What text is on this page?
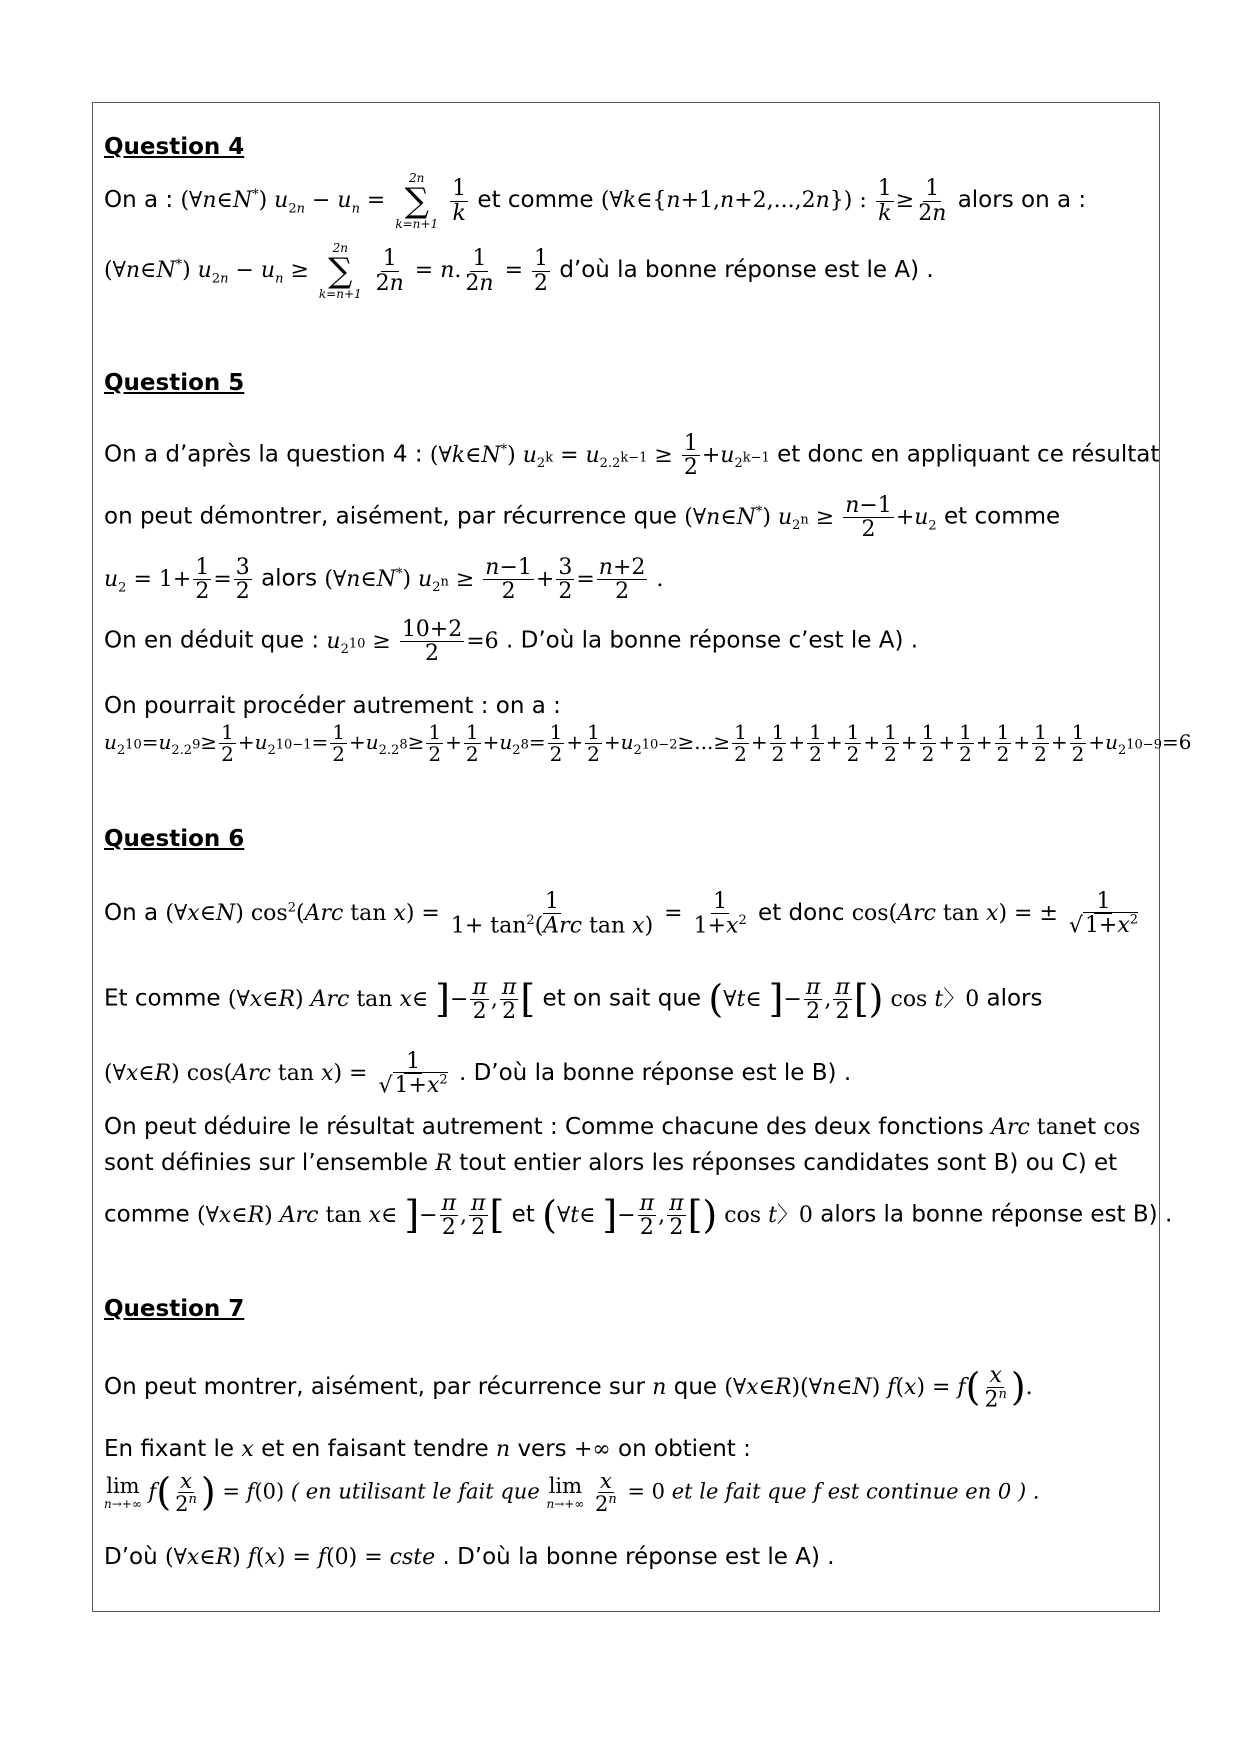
Question 4
On a : (∀n∈N*) $u_{2n} - u_n$ =
2n
∑
k=n+1
$\frac{1}{k}$ et comme (∀k∈{n+1,n+2,...,2n}) : $\frac{1}{k} \ge \frac{1}{2n}$ alors on a :
(∀n∈N*) $u_{2n} - u_n$ ≥
2n
∑
k=n+1
$\frac{1}{2n} = n$. $\frac{1}{2n} = \frac{1}{2}$ d’où la bonne réponse est le A) .
Question 5
On a d’après la question 4 : (∀k∈N*) $u_{2^k} = u_{2.2^{k-1}} \ge \frac{1}{2} +u_{2^{k-1}}$ et donc en appliquant ce résultat
on peut démontrer, aisément, par récurrence que (∀n∈N*) $u_{2^n} \ge \frac{n-1}{2} +u_2$ et comme
$u_2 = 1+ \frac{1}{2} = \frac{3}{2}$ alors (∀n∈N*) $u_{2^n} \ge \frac{n-1}{2} + \frac{3}{2} = \frac{n+2}{2}$ .
On en déduit que : $u_{2^{10}} \ge \frac{10+2}{2} =6$ . D’où la bonne réponse c’est le A) .
On pourrait procéder autrement : on a :
$u_{2^{10}}=u_{2.2^9}\ge \frac{1}{2} +u_{2^{10-1}}= \frac{1}{2} +u_{2.2^8}\ge \frac{1}{2} + \frac{1}{2} +u_{2^8}= \frac{1}{2} + \frac{1}{2} +u_{2^{10-2}}\ge...\ge \frac{1}{2} + \frac{1}{2} + \frac{1}{2} + \frac{1}{2} + \frac{1}{2} + \frac{1}{2} + \frac{1}{2} + \frac{1}{2} + \frac{1}{2} + \frac{1}{2} +u_{2^{10-9}}=6$
Question 6
On a (∀x∈N) $\cos^2(Arc$ tan x) =	1
$1+ \tan^2(Arc$ tan x)
= $\frac{1}{1+x^2}$ et donc cos(Arc tan x) = ± $\frac{1}{√1+x^2}$
Et comme (∀x∈R) Arc tan x∈ ]− $\frac{\pi}{2}$ , $\frac{\pi}{2}$ [ et on sait que (∀t∈ ]− $\frac{\pi}{2}$ , $\frac{\pi}{2}$ [) cos t〉0 alors
(∀x∈R) cos(Arc $\tan x) = \frac{1}{√1+x^2}$ . D’où la bonne réponse est le B) .
On peut déduire le résultat autrement : Comme chacune des deux fonctions Arc tanet cos
sont définies sur l’ensemble R tout entier alors les réponses candidates sont B) ou C) et
comme (∀x∈R) Arc tan x∈ ]− $\frac{\pi}{2}$ , $\frac{\pi}{2}$ [ et (∀t∈ ]− $\frac{\pi}{2}$ , $\frac{\pi}{2}$ [) cos t〉0 alors la bonne réponse est B) .
Question 7
On peut montrer, aisément, par récurrence sur n que (∀x∈R)(∀n∈N) $f(x) = f( \frac{x}{2^n}$ ).
En fixant le x et en faisant tendre n vers +∞ on obtient :
lim
n→+∞
$f( \frac{x}{2^n}$ ) = f(0) ( en utilisant le fait que lim
n→+∞
$\frac{x}{2^n} = 0$ et le fait que f est continue en 0 ) .
D’où (∀x∈R) f(x) = f(0) = cste . D’où la bonne réponse est le A) .
